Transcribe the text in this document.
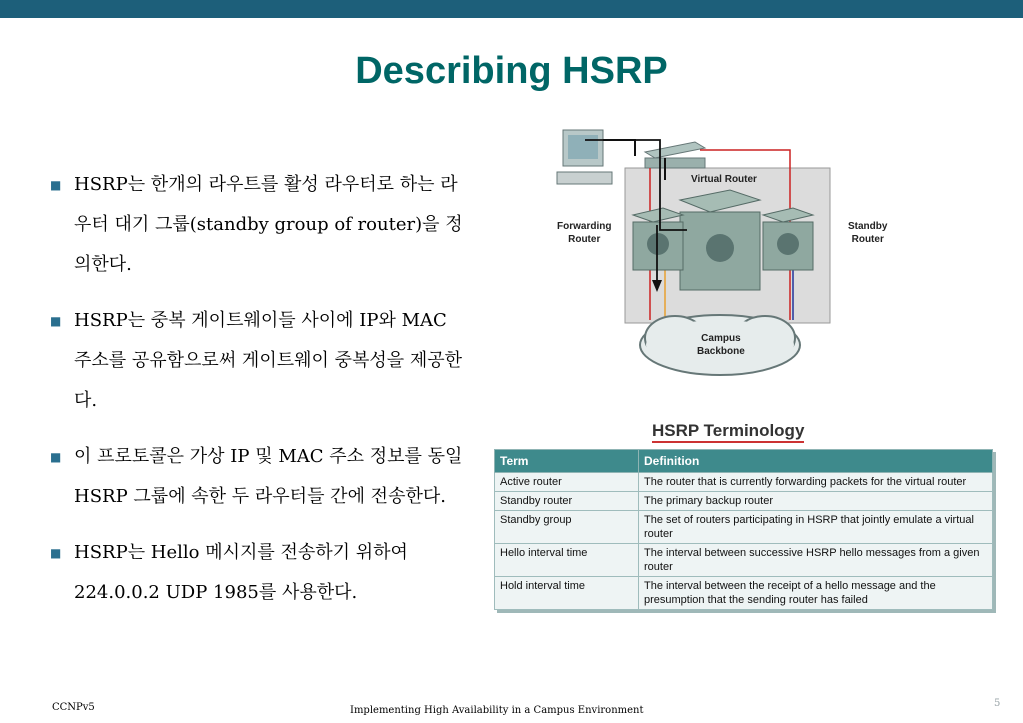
Describing HSRP
■ HSRP는 한개의 라우트를 활성 라우터로 하는 라우터 대기 그룹(standby group of router)을 정의한다.
■ HSRP는 중복 게이트웨이들 사이에 IP와 MAC 주소를 공유함으로써 게이트웨이 중복성을 제공한다.
■ 이 프로토콜은 가상 IP 및 MAC 주소 정보를 동일 HSRP 그룹에 속한 두 라우터들 간에 전송한다.
■ HSRP는 Hello 메시지를 전송하기 위하여 224.0.0.2 UDP 1985를 사용한다.
Virtual Router
Forwarding
Router
Standby
Router
Campus
Backbone
HSRP Terminology
Term	Definition
Active router	The router that is currently forwarding packets for the virtual router
Standby router	The primary backup router
Standby group	The set of routers participating in HSRP that jointly emulate a virtual router
Hello interval time	The interval between successive HSRP hello messages from a given router
Hold interval time	The interval between the receipt of a hello message and the presumption that the sending router has failed
CCNPv5	Implementing High Availability in a Campus Environment
5
